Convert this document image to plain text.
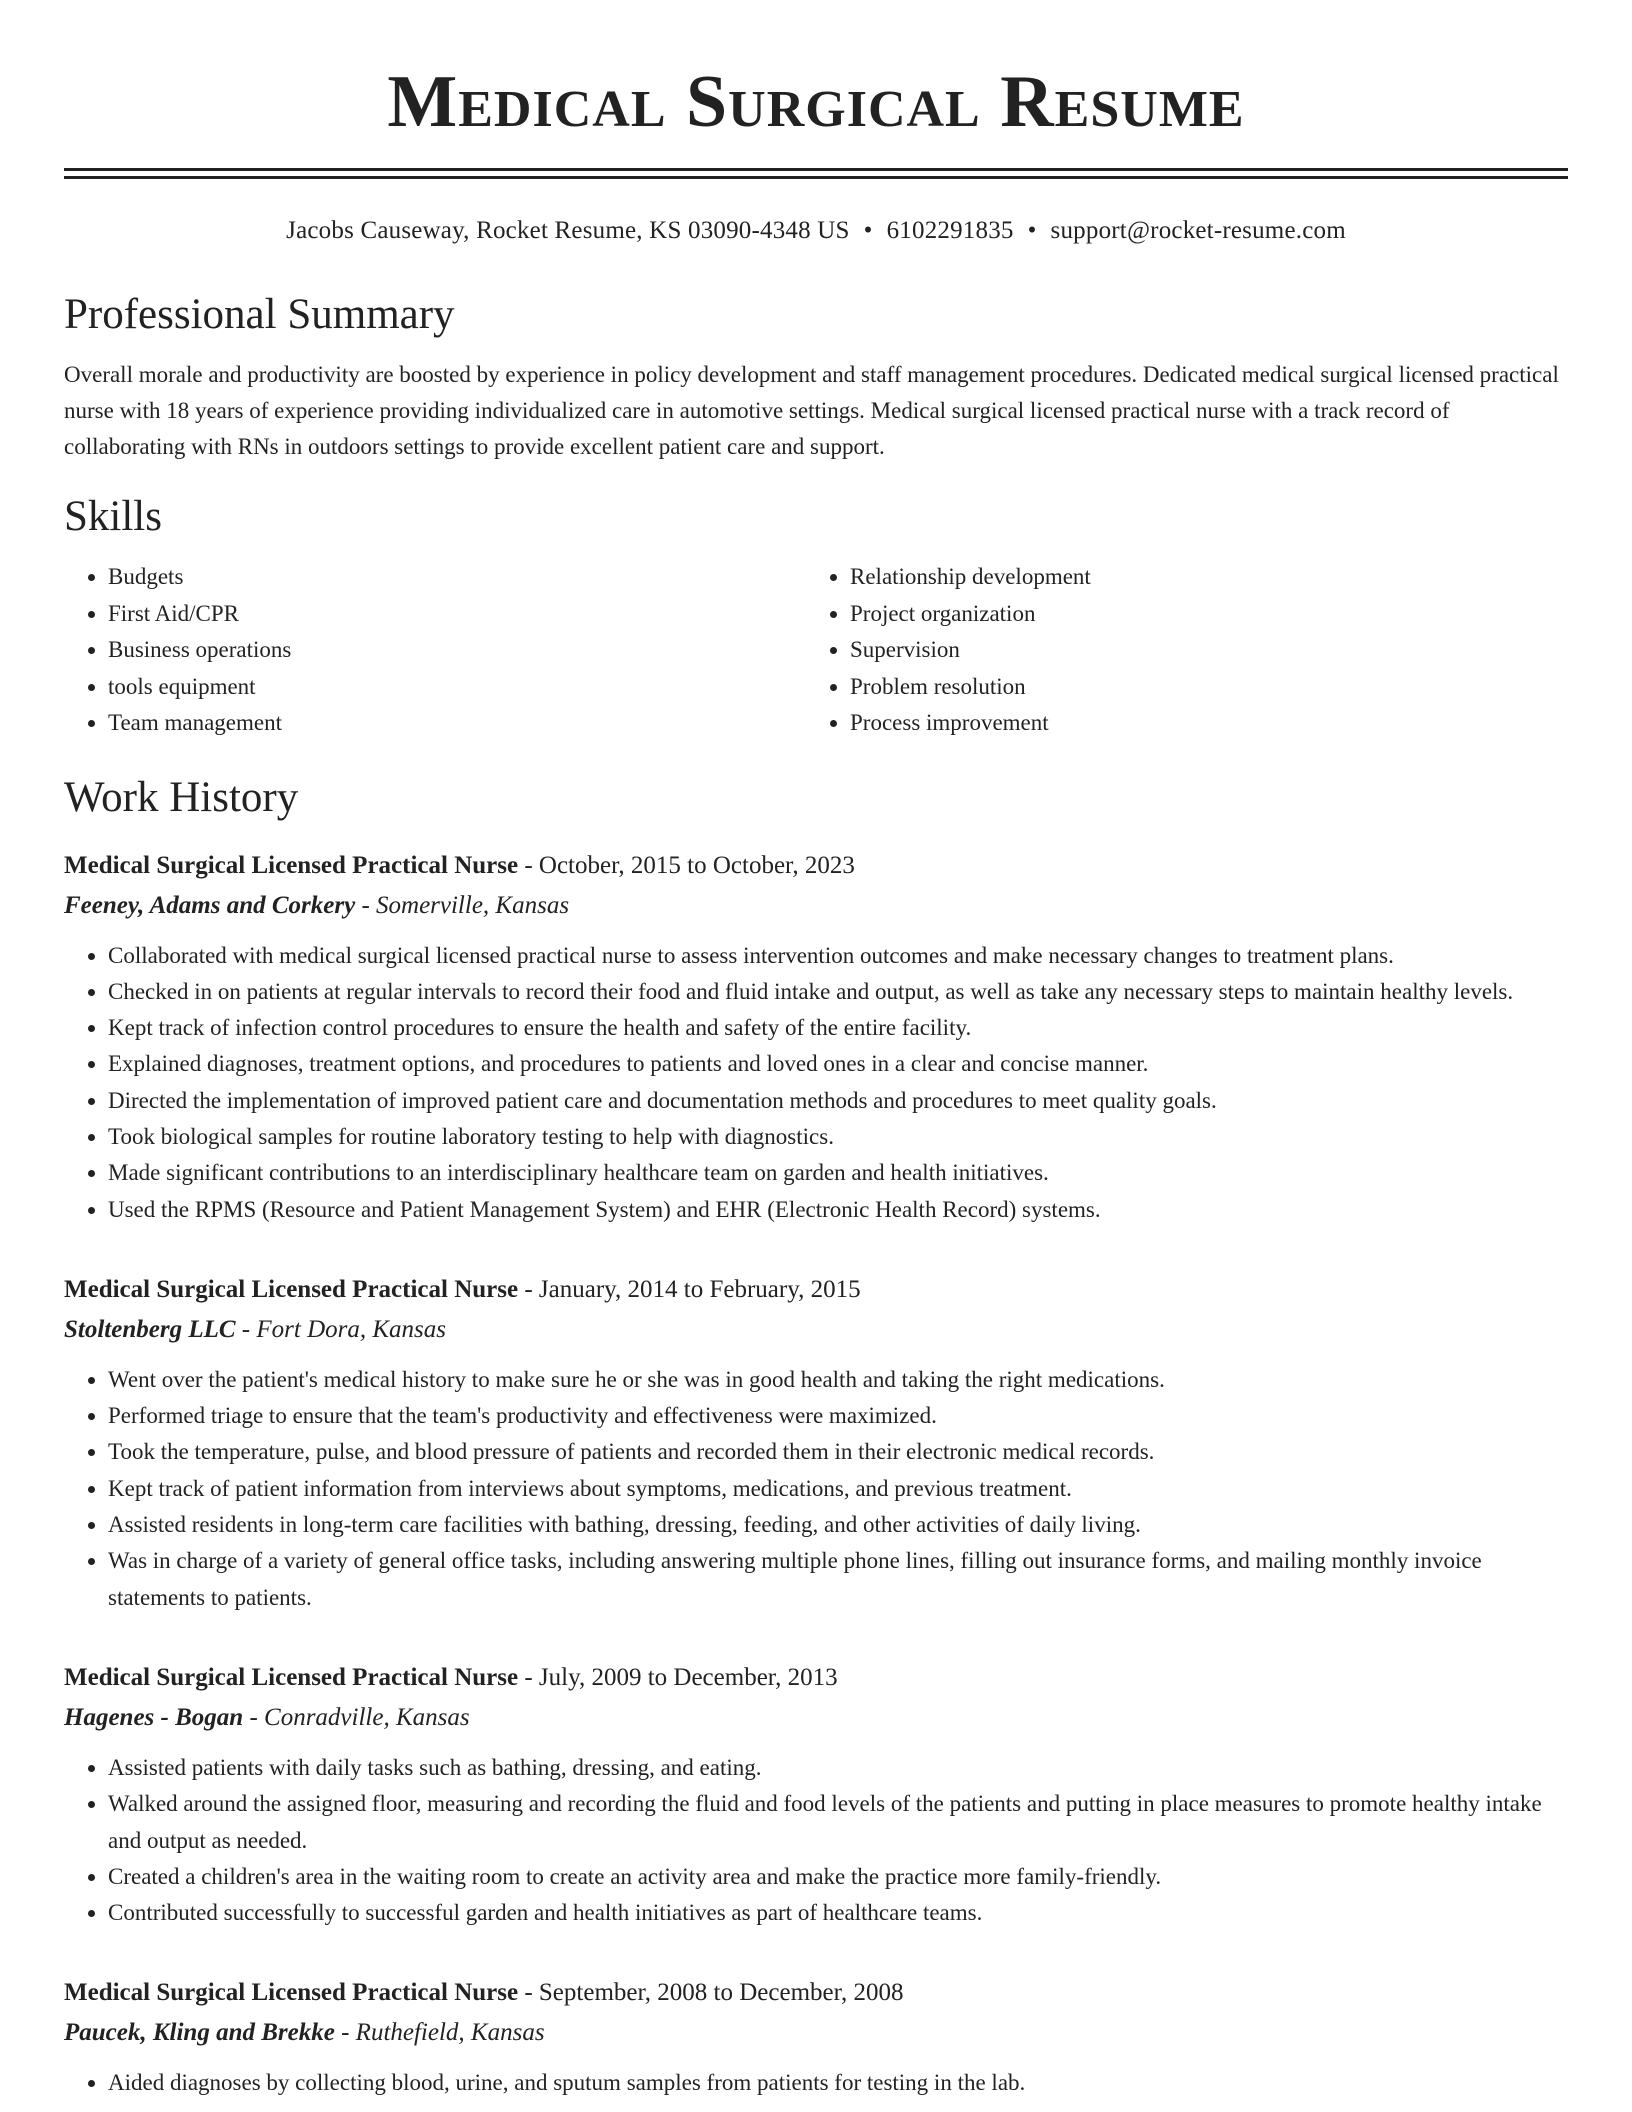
Medical Surgical Resume
Jacobs Causeway, Rocket Resume, KS 03090-4348 US • 6102291835 • support@rocket-resume.com
Professional Summary

Overall morale and productivity are boosted by experience in policy development and staff management procedures. Dedicated medical surgical licensed practical nurse with 18 years of experience providing individualized care in automotive settings. Medical surgical licensed practical nurse with a track record of collaborating with RNs in outdoors settings to provide excellent patient care and support.

Skills
• Budgets
• First Aid/CPR
• Business operations
• tools equipment
• Team management
• Relationship development
• Project organization
• Supervision
• Problem resolution
• Process improvement
Work History
Medical Surgical Licensed Practical Nurse - October, 2015 to October, 2023
Feeney, Adams and Corkery - Somerville, Kansas
• Collaborated with medical surgical licensed practical nurse to assess intervention outcomes and make necessary changes to treatment plans.
• Checked in on patients at regular intervals to record their food and fluid intake and output, as well as take any necessary steps to maintain healthy levels.
• Kept track of infection control procedures to ensure the health and safety of the entire facility.
• Explained diagnoses, treatment options, and procedures to patients and loved ones in a clear and concise manner.
• Directed the implementation of improved patient care and documentation methods and procedures to meet quality goals.
• Took biological samples for routine laboratory testing to help with diagnostics.
• Made significant contributions to an interdisciplinary healthcare team on garden and health initiatives.
• Used the RPMS (Resource and Patient Management System) and EHR (Electronic Health Record) systems.
Medical Surgical Licensed Practical Nurse - January, 2014 to February, 2015
Stoltenberg LLC - Fort Dora, Kansas
• Went over the patient's medical history to make sure he or she was in good health and taking the right medications.
• Performed triage to ensure that the team's productivity and effectiveness were maximized.
• Took the temperature, pulse, and blood pressure of patients and recorded them in their electronic medical records.
• Kept track of patient information from interviews about symptoms, medications, and previous treatment.
• Assisted residents in long-term care facilities with bathing, dressing, feeding, and other activities of daily living.
• Was in charge of a variety of general office tasks, including answering multiple phone lines, filling out insurance forms, and mailing monthly invoice statements to patients.
Medical Surgical Licensed Practical Nurse - July, 2009 to December, 2013
Hagenes - Bogan - Conradville, Kansas
• Assisted patients with daily tasks such as bathing, dressing, and eating.
• Walked around the assigned floor, measuring and recording the fluid and food levels of the patients and putting in place measures to promote healthy intake and output as needed.
• Created a children's area in the waiting room to create an activity area and make the practice more family-friendly.
• Contributed successfully to successful garden and health initiatives as part of healthcare teams.
Medical Surgical Licensed Practical Nurse - September, 2008 to December, 2008
Paucek, Kling and Brekke - Ruthefield, Kansas
• Aided diagnoses by collecting blood, urine, and sputum samples from patients for testing in the lab.
